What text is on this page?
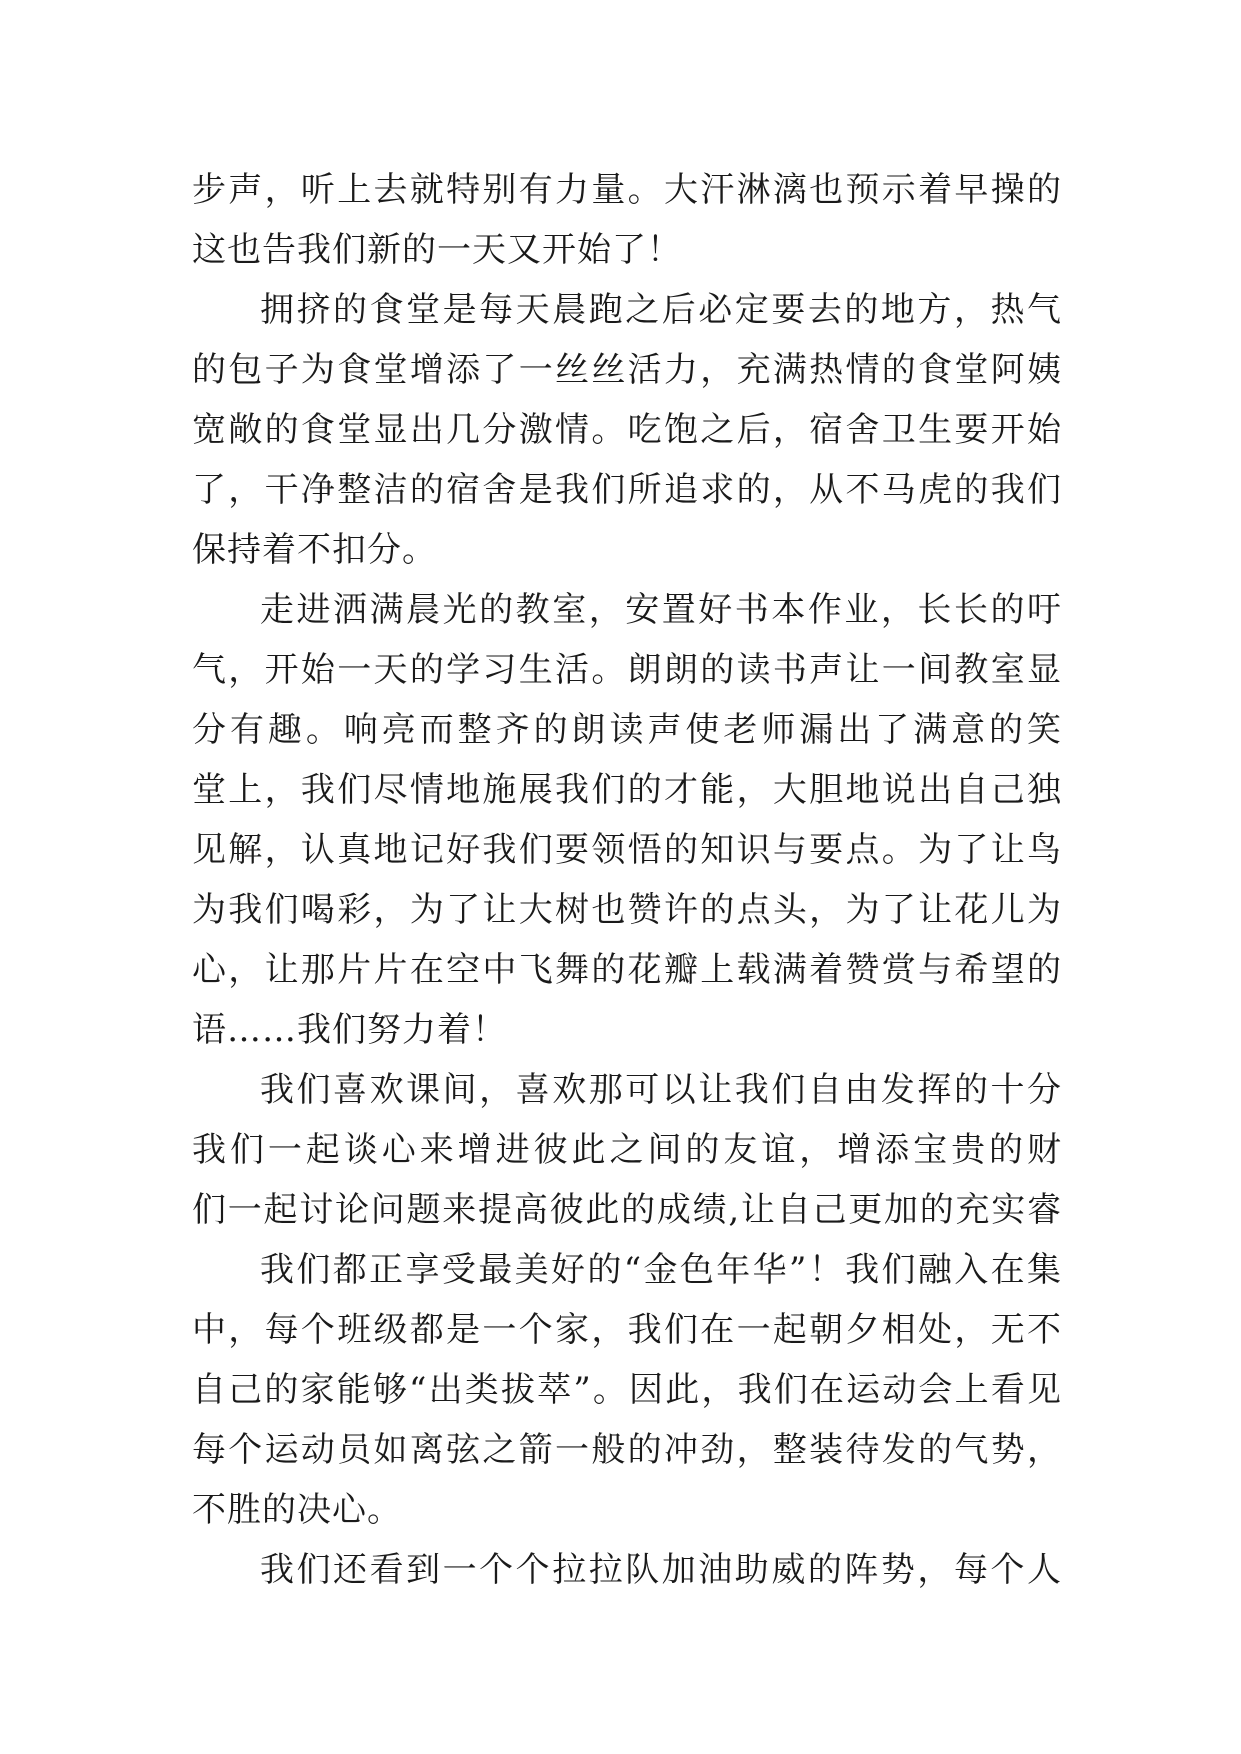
步声，听上去就特别有力量。大汗淋漓也预示着早操的
这也告我们新的一天又开始了！
拥挤的食堂是每天晨跑之后必定要去的地方，热气
的包子为食堂增添了一丝丝活力，充满热情的食堂阿姨
宽敞的食堂显出几分激情。吃饱之后，宿舍卫生要开始
了，干净整洁的宿舍是我们所追求的，从不马虎的我们
保持着不扣分。
走进洒满晨光的教室，安置好书本作业，长长的吁
气，开始一天的学习生活。朗朗的读书声让一间教室显
分有趣。响亮而整齐的朗读声使老师漏出了满意的笑
堂上，我们尽情地施展我们的才能，大胆地说出自己独
见解，认真地记好我们要领悟的知识与要点。为了让鸟
为我们喝彩，为了让大树也赞许的点头，为了让花儿为
心，让那片片在空中飞舞的花瓣上载满着赞赏与希望的
语……我们努力着！
我们喜欢课间，喜欢那可以让我们自由发挥的十分
我们一起谈心来增进彼此之间的友谊，增添宝贵的财
们一起讨论问题来提高彼此的成绩,让自己更加的充实睿
我们都正享受最美好的“金色年华”！我们融入在集
中，每个班级都是一个家，我们在一起朝夕相处，无不
自己的家能够“出类拔萃”。因此，我们在运动会上看见
每个运动员如离弦之箭一般的冲劲，整装待发的气势，
不胜的决心。
我们还看到一个个拉拉队加油助威的阵势，每个人
